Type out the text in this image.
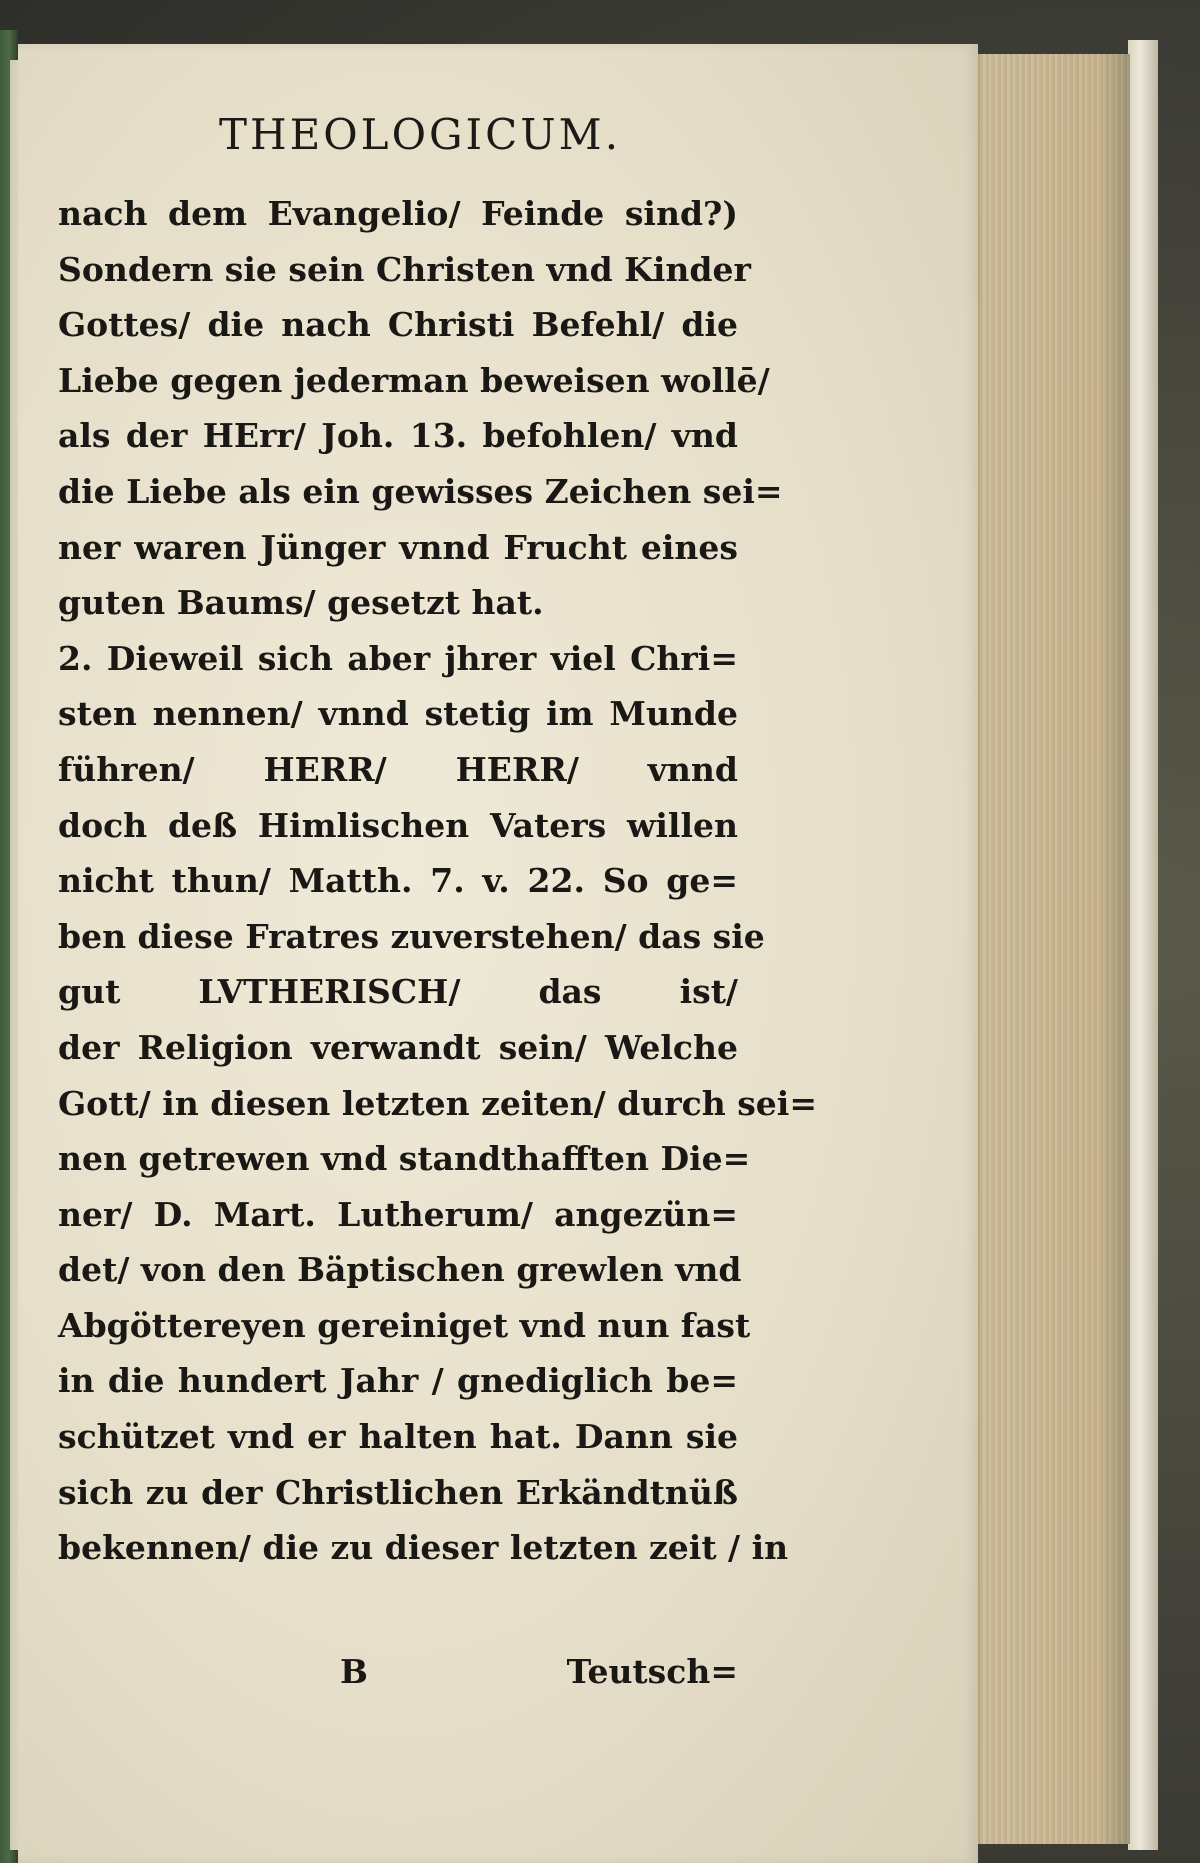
THEOLOGICUM.
nach dem Evangelio/ Feinde sind?)
Sondern sie sein Christen vnd Kinder
Gottes/ die nach Christi Befehl/ die
Liebe gegen jederman beweisen wollē/
als der HErr/ Joh. 13. befohlen/ vnd
die Liebe als ein gewisses Zeichen sei=
ner waren Jünger vnnd Frucht eines
guten Baums/ gesetzt hat.
2. Dieweil sich aber jhrer viel Chri=
sten nennen/ vnnd stetig im Munde
führen/ HERR/ HERR/ vnnd
doch deß Himlischen Vaters willen
nicht thun/ Matth. 7. v. 22. So ge=
ben diese Fratres zuverstehen/ das sie
gut LVTHERISCH/ das ist/
der Religion verwandt sein/ Welche
Gott/ in diesen letzten zeiten/ durch sei=
nen getrewen vnd standthafften Die=
ner/ D. Mart. Lutherum/ angezün=
det/ von den Bäptischen grewlen vnd
Abgöttereyen gereiniget vnd nun fast
in die hundert Jahr / gnediglich be=
schützet vnd er halten hat. Dann sie
sich zu der Christlichen Erkändtnüß
bekennen/ die zu dieser letzten zeit / in
B	Teutsch=
